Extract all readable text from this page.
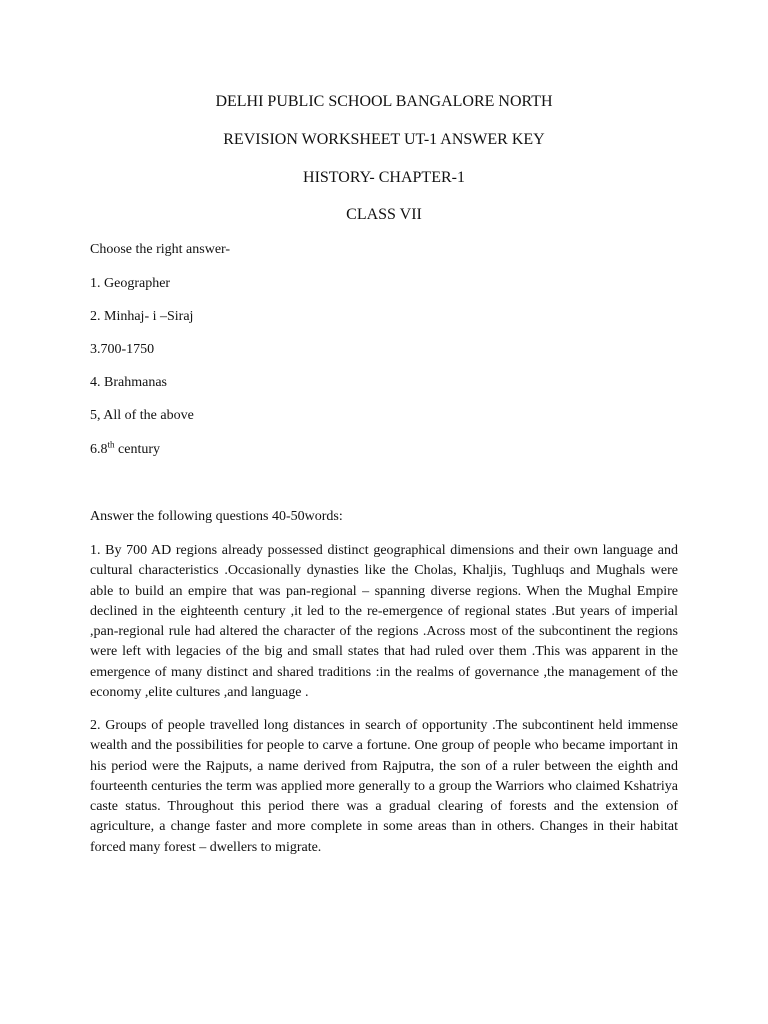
DELHI PUBLIC SCHOOL BANGALORE NORTH
REVISION WORKSHEET UT-1 ANSWER KEY
HISTORY- CHAPTER-1
CLASS VII

Choose the right answer-

1. Geographer

2. Minhaj- i –Siraj

3.700-1750

4. Brahmanas

5, All of the above

6.8th century

Answer the following questions 40-50words:

1. By 700 AD regions already possessed distinct geographical dimensions and their own language and cultural characteristics .Occasionally dynasties like the Cholas, Khaljis, Tughluqs and Mughals were able to build an empire that was pan-regional – spanning diverse regions. When the Mughal Empire declined in the eighteenth century ,it led to the re-emergence of regional states .But years of imperial ,pan-regional rule had altered the character of the regions .Across most of the subcontinent the regions were left with legacies of the big and small states that had ruled over them .This was apparent in the emergence of many distinct and shared traditions :in the realms of governance ,the management of the economy ,elite cultures ,and language .

2. Groups of people travelled long distances in search of opportunity .The subcontinent held immense wealth and the possibilities for people to carve a fortune. One group of people who became important in his period were the Rajputs, a name derived from Rajputra, the son of a ruler between the eighth and fourteenth centuries the term was applied more generally to a group the Warriors who claimed Kshatriya caste status. Throughout this period there was a gradual clearing of forests and the extension of agriculture, a change faster and more complete in some areas than in others. Changes in their habitat forced many forest – dwellers to migrate.
